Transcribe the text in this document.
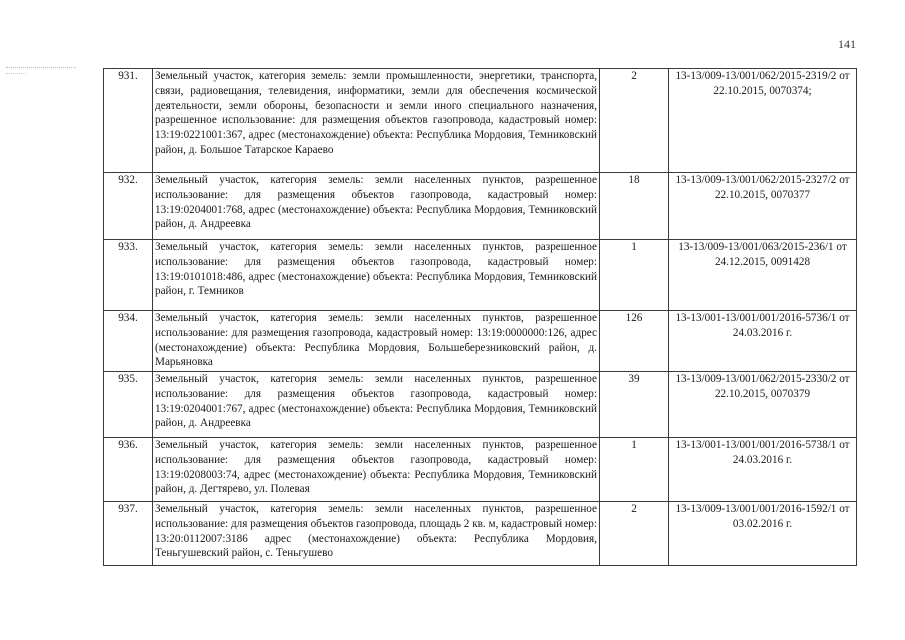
141
931.	Земельный участок, категория земель: земли промышленности, энергетики, транспорта, связи, радиовещания, телевидения, информатики, земли для обеспечения космической деятельности, земли обороны, безопасности и земли иного специального назначения, разрешенное использование: для размещения объектов газопровода, кадастровый номер: 13:19:0221001:367, адрес (местонахождение) объекта: Республика Мордовия, Темниковский район, д. Большое Татарское Караево	2	13-13/009-13/001/062/2015-2319/2 от 22.10.2015, 0070374;
932.	Земельный участок, категория земель: земли населенных пунктов, разрешенное использование: для размещения объектов газопровода, кадастровый номер: 13:19:0204001:768, адрес (местонахождение) объекта: Республика Мордовия, Темниковский район, д. Андреевка	18	13-13/009-13/001/062/2015-2327/2 от 22.10.2015, 0070377
933.	Земельный участок, категория земель: земли населенных пунктов, разрешенное использование: для размещения объектов газопровода, кадастровый номер: 13:19:0101018:486, адрес (местонахождение) объекта: Республика Мордовия, Темниковский район, г. Темников	1	13-13/009-13/001/063/2015-236/1 от 24.12.2015, 0091428
934.	Земельный участок, категория земель: земли населенных пунктов, разрешенное использование: для размещения газопровода, кадастровый номер: 13:19:0000000:126, адрес (местонахождение) объекта: Республика Мордовия, Большеберезниковский район, д. Марьяновка	126	13-13/001-13/001/001/2016-5736/1 от 24.03.2016 г.
935.	Земельный участок, категория земель: земли населенных пунктов, разрешенное использование: для размещения объектов газопровода, кадастровый номер: 13:19:0204001:767, адрес (местонахождение) объекта: Республика Мордовия, Темниковский район, д. Андреевка	39	13-13/009-13/001/062/2015-2330/2 от 22.10.2015, 0070379
936.	Земельный участок, категория земель: земли населенных пунктов, разрешенное использование: для размещения объектов газопровода, кадастровый номер: 13:19:0208003:74, адрес (местонахождение) объекта: Республика Мордовия, Темниковский район, д. Дегтярево, ул. Полевая	1	13-13/001-13/001/001/2016-5738/1 от 24.03.2016 г.
937.	Земельный участок, категория земель: земли населенных пунктов, разрешенное использование: для размещения объектов газопровода, площадь 2 кв. м, кадастровый номер: 13:20:0112007:3186 адрес (местонахождение) объекта: Республика Мордовия, Теньгушевский район, с. Теньгушево	2	13-13/009-13/001/001/2016-1592/1 от 03.02.2016 г.
